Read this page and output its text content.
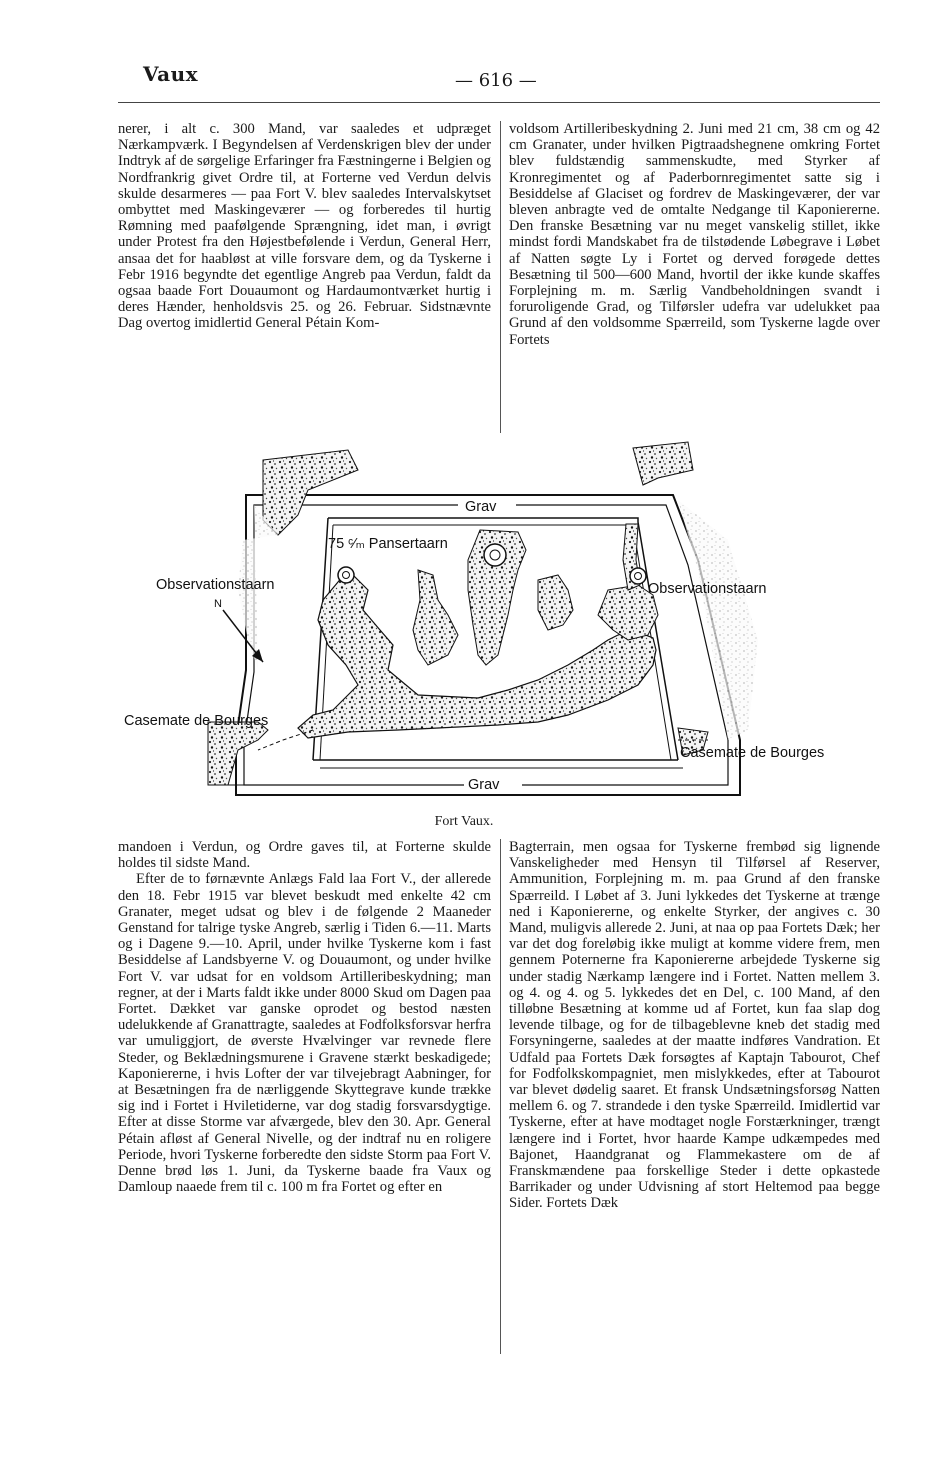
Vaux	— 616 —

nerer, i alt c. 300 Mand, var saaledes et udpræget Nærkampværk. I Begyndelsen af Verdenskrigen blev der under Indtryk af de sørgelige Erfaringer fra Fæstningerne i Belgien og Nordfrankrig givet Ordre til, at Forterne ved Verdun delvis skulde desarmeres — paa Fort V. blev saaledes Intervalskytset ombyttet med Maskingeværer — og forberedes til hurtig Rømning med paafølgende Sprængning, idet man, i øvrigt under Protest fra den Højestbefølende i Verdun, General Herr, ansaa det for haabløst at ville forsvare dem, og da Tyskerne i Febr 1916 begyndte det egentlige Angreb paa Verdun, faldt da ogsaa baade Fort Douaumont og Hardaumontværket hurtig i deres Hænder, henholdsvis 25. og 26. Februar. Sidstnævnte Dag overtog imidlertid General Pétain Kom-

voldsom Artilleribeskydning 2. Juni med 21 cm, 38 cm og 42 cm Granater, under hvilken Pigtraadshegnene omkring Fortet blev fuldstændig sammenskudte, med Styrker af Kronregimentet og af Paderbornregimentet satte sig i Besiddelse af Glaciset og fordrev de Maskingeværer, der var bleven anbragte ved de omtalte Nedgange til Kaponiererne. Den franske Besætning var nu meget vanskelig stillet, ikke mindst fordi Mandskabet fra de tilstødende Løbegrave i Løbet af Natten søgte Ly i Fortet og derved forøgede dettes Besætning til 500—600 Mand, hvortil der ikke kunde skaffes Forplejning m. m. Særlig Vandbeholdningen svandt i foruroligende Grad, og Tilførsler udefra var udelukket paa Grund af den voldsomme Spærreild, som Tyskerne lagde over Fortets

N
Grav
Grav
75 ᶜ⁄ₘ Pansertaarn
Observationstaarn	Observationstaarn
Casemate de Bourges
Casemate de Bourges
Fort Vaux.

mandoen i Verdun, og Ordre gaves til, at Forterne skulde holdes til sidste Mand.

Efter de to førnævnte Anlægs Fald laa Fort V., der allerede den 18. Febr 1915 var blevet beskudt med enkelte 42 cm Granater, meget udsat og blev i de følgende 2 Maaneder Genstand for talrige tyske Angreb, særlig i Tiden 6.—11. Marts og i Dagene 9.—10. April, under hvilke Tyskerne kom i fast Besiddelse af Landsbyerne V. og Douaumont, og under hvilke Fort V. var udsat for en voldsom Artilleribeskydning; man regner, at der i Marts faldt ikke under 8000 Skud om Dagen paa Fortet. Dækket var ganske oprodet og bestod næsten udelukkende af Granattragte, saaledes at Fodfolksforsvar herfra var umuliggjort, de øverste Hvælvinger var revnede flere Steder, og Beklædningsmurene i Gravene stærkt beskadigede; Kaponiererne, i hvis Lofter der var tilvejebragt Aabninger, for at Besætningen fra de nærliggende Skyttegrave kunde trække sig ind i Fortet i Hviletiderne, var dog stadig forsvarsdygtige. Efter at disse Storme var afværgede, blev den 30. Apr. General Pétain afløst af General Nivelle, og der indtraf nu en roligere Periode, hvori Tyskerne forberedte den sidste Storm paa Fort V. Denne brød løs 1. Juni, da Tyskerne baade fra Vaux og Damloup naaede frem til c. 100 m fra Fortet og efter en

Bagterrain, men ogsaa for Tyskerne frembød sig lignende Vanskeligheder med Hensyn til Tilførsel af Reserver, Ammunition, Forplejning m. m. paa Grund af den franske Spærreild. I Løbet af 3. Juni lykkedes det Tyskerne at trænge ned i Kaponiererne, og enkelte Styrker, der angives c. 30 Mand, muligvis allerede 2. Juni, at naa op paa Fortets Dæk; her var det dog foreløbig ikke muligt at komme videre frem, men gennem Poternerne fra Kaponiererne arbejdede Tyskerne sig under stadig Nærkamp længere ind i Fortet. Natten mellem 3. og 4. og 4. og 5. lykkedes det en Del, c. 100 Mand, af den tilløbne Besætning at komme ud af Fortet, kun faa slap dog levende tilbage, og for de tilbageblevne kneb det stadig med Forsyningerne, saaledes at der maatte indføres Vandration. Et Udfald paa Fortets Dæk forsøgtes af Kaptajn Tabourot, Chef for Fodfolkskompagniet, men mislykkedes, efter at Tabourot var blevet dødelig saaret. Et fransk Undsætningsforsøg Natten mellem 6. og 7. strandede i den tyske Spærreild. Imidlertid var Tyskerne, efter at have modtaget nogle Forstærkninger, trængt længere ind i Fortet, hvor haarde Kampe udkæmpedes med Bajonet, Haandgranat og Flammekastere om de af Franskmændene paa forskellige Steder i dette opkastede Barrikader og under Udvisning af stort Heltemod paa begge Sider. Fortets Dæk
